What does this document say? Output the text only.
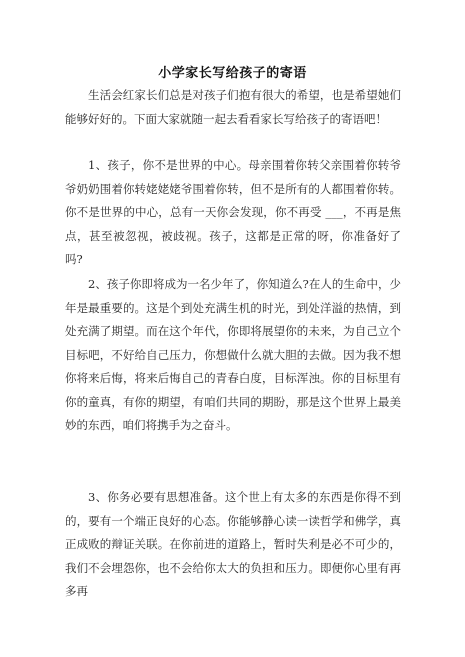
小学家长写给孩子的寄语

生活会红家长们总是对孩子们抱有很大的希望，也是希望她们能够好好的。下面大家就随一起去看看家长写给孩子的寄语吧！

1、孩子，你不是世界的中心。母亲围着你转父亲围着你转爷爷奶奶围着你转姥姥姥爷围着你转，但不是所有的人都围着你转。你不是世界的中心，总有一天你会发现，你不再受 ___，不再是焦点，甚至被忽视，被歧视。孩子，这都是正常的呀，你准备好了吗?

2、孩子你即将成为一名少年了，你知道么?在人的生命中，少年是最重要的。这是个到处充满生机的时光，到处洋溢的热情，到处充满了期望。而在这个年代，你即将展望你的未来，为自己立个目标吧，不好给自己压力，你想做什么就大胆的去做。因为我不想你将来后悔，将来后悔自己的青春白度，目标浑浊。你的目标里有你的童真，有你的期望，有咱们共同的期盼，那是这个世界上最美妙的东西，咱们将携手为之奋斗。

3、你务必要有思想准备。这个世上有太多的东西是你得不到的，要有一个端正良好的心态。你能够静心读一读哲学和佛学，真正成败的辩证关联。在你前进的道路上，暂时失利是必不可少的，我们不会埋怨你，也不会给你太大的负担和压力。即便你心里有再多再
